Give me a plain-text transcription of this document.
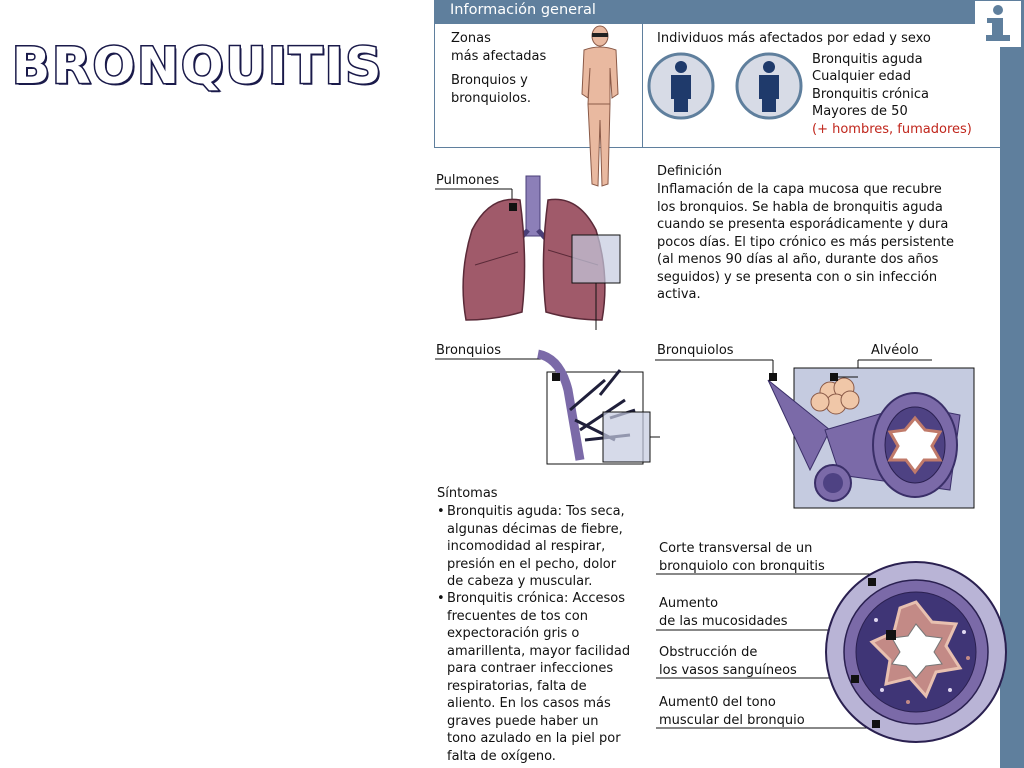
BRONQUITIS
Información general
Zonas
más afectadas
Bronquios y
bronquiolos.
Individuos más afectados por edad y sexo
Bronquitis aguda
Cualquier edad
Bronquitis crónica
Mayores de 50
(+ hombres, fumadores)
Definición
Inflamación de la capa mucosa que recubre
los bronquios. Se habla de bronquitis aguda
cuando se presenta esporádicamente y dura
pocos días. El tipo crónico es más persistente
(al menos 90 días al año, durante dos años
seguidos) y se presenta con o sin infección
activa.
Pulmones
Bronquios	Bronquiolos	Alvéolo
Síntomas
• Bronquitis aguda: Tos seca,
algunas décimas de fiebre,
incomodidad al respirar,
presión en el pecho, dolor
de cabeza y muscular.
• Bronquitis crónica: Accesos
frecuentes de tos con
expectoración gris o
amarillenta, mayor facilidad
para contraer infecciones
respiratorias, falta de
aliento. En los casos más
graves puede haber un
tono azulado en la piel por
falta de oxígeno.
Corte transversal de un
bronquiolo con bronquitis
Aumento
de las mucosidades
Obstrucción de
los vasos sanguíneos
Aument0 del tono
muscular del bronquio
